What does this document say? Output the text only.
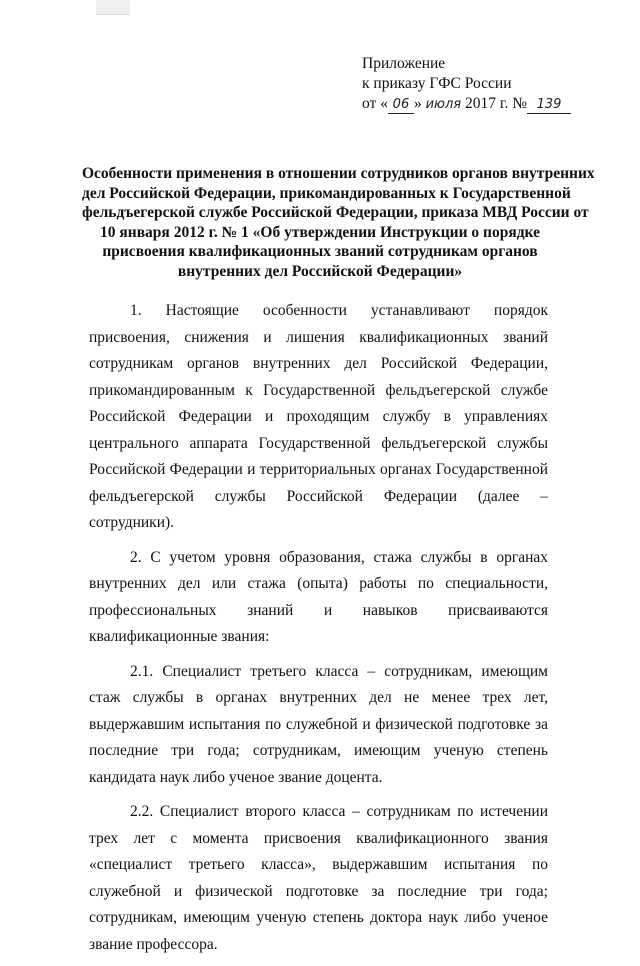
Приложение
к приказу ГФС России
от « 06 » июля 2017 г. № 139
Особенности применения в отношении сотрудников органов внутренних
дел Российской Федерации, прикомандированных к Государственной
фельдъегерской службе Российской Федерации, приказа МВД России от
10 января 2012 г. № 1 «Об утверждении Инструкции о порядке
присвоения квалификационных званий сотрудникам органов
внутренних дел Российской Федерации»

1. Настоящие особенности устанавливают порядок присвоения, снижения и лишения квалификационных званий сотрудникам органов внутренних дел Российской Федерации, прикомандированным к Государственной фельдъегерской службе Российской Федерации и проходящим службу в управлениях центрального аппарата Государственной фельдъегерской службы Российской Федерации и территориальных органах Государственной фельдъегерской службы Российской Федерации (далее – сотрудники).

2. С учетом уровня образования, стажа службы в органах внутренних дел или стажа (опыта) работы по специальности, профессиональных знаний и навыков присваиваются квалификационные звания:

2.1. Специалист третьего класса – сотрудникам, имеющим стаж службы в органах внутренних дел не менее трех лет, выдержавшим испытания по служебной и физической подготовке за последние три года; сотрудникам, имеющим ученую степень кандидата наук либо ученое звание доцента.

2.2. Специалист второго класса – сотрудникам по истечении трех лет с момента присвоения квалификационного звания «специалист третьего класса», выдержавшим испытания по служебной и физической подготовке за последние три года; сотрудникам, имеющим ученую степень доктора наук либо ученое звание профессора.
